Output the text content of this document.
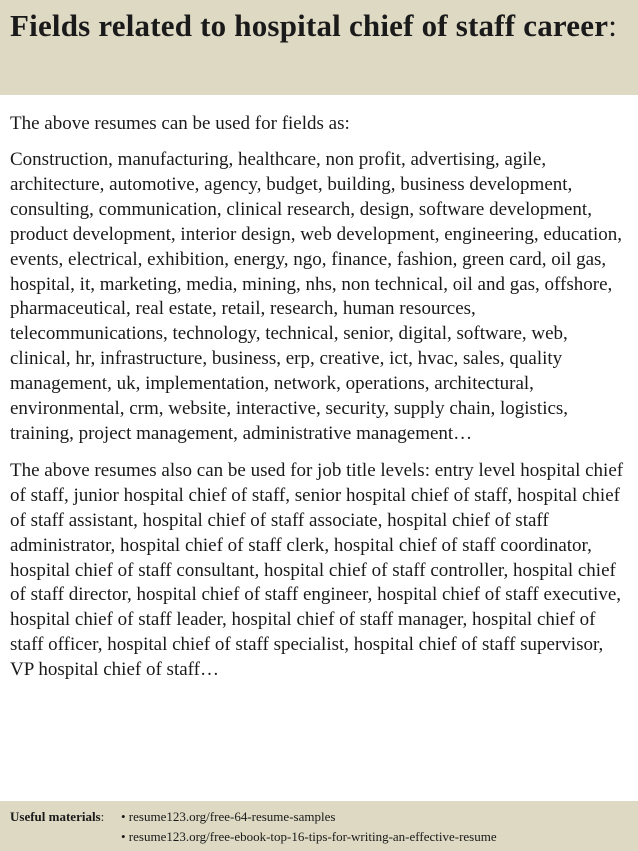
Fields related to hospital chief of staff career:

The above resumes can be used for fields as:

Construction, manufacturing, healthcare, non profit, advertising, agile, architecture, automotive, agency, budget, building, business development, consulting, communication, clinical research, design, software development, product development, interior design, web development, engineering, education, events, electrical, exhibition, energy, ngo, finance, fashion, green card, oil gas, hospital, it, marketing, media, mining, nhs, non technical, oil and gas, offshore, pharmaceutical, real estate, retail, research, human resources, telecommunications, technology, technical, senior, digital, software, web, clinical, hr, infrastructure, business, erp, creative, ict, hvac, sales, quality management, uk, implementation, network, operations, architectural, environmental, crm, website, interactive, security, supply chain, logistics, training, project management, administrative management…

The above resumes also can be used for job title levels: entry level hospital chief of staff, junior hospital chief of staff, senior hospital chief of staff, hospital chief of staff assistant, hospital chief of staff associate, hospital chief of staff administrator, hospital chief of staff clerk, hospital chief of staff coordinator, hospital chief of staff consultant, hospital chief of staff controller, hospital chief of staff director, hospital chief of staff engineer, hospital chief of staff executive, hospital chief of staff leader, hospital chief of staff manager, hospital chief of staff officer, hospital chief of staff specialist, hospital chief of staff supervisor, VP hospital chief of staff…

Useful materials:	• resume123.org/free-64-resume-samples
• resume123.org/free-ebook-top-16-tips-for-writing-an-effective-resume
